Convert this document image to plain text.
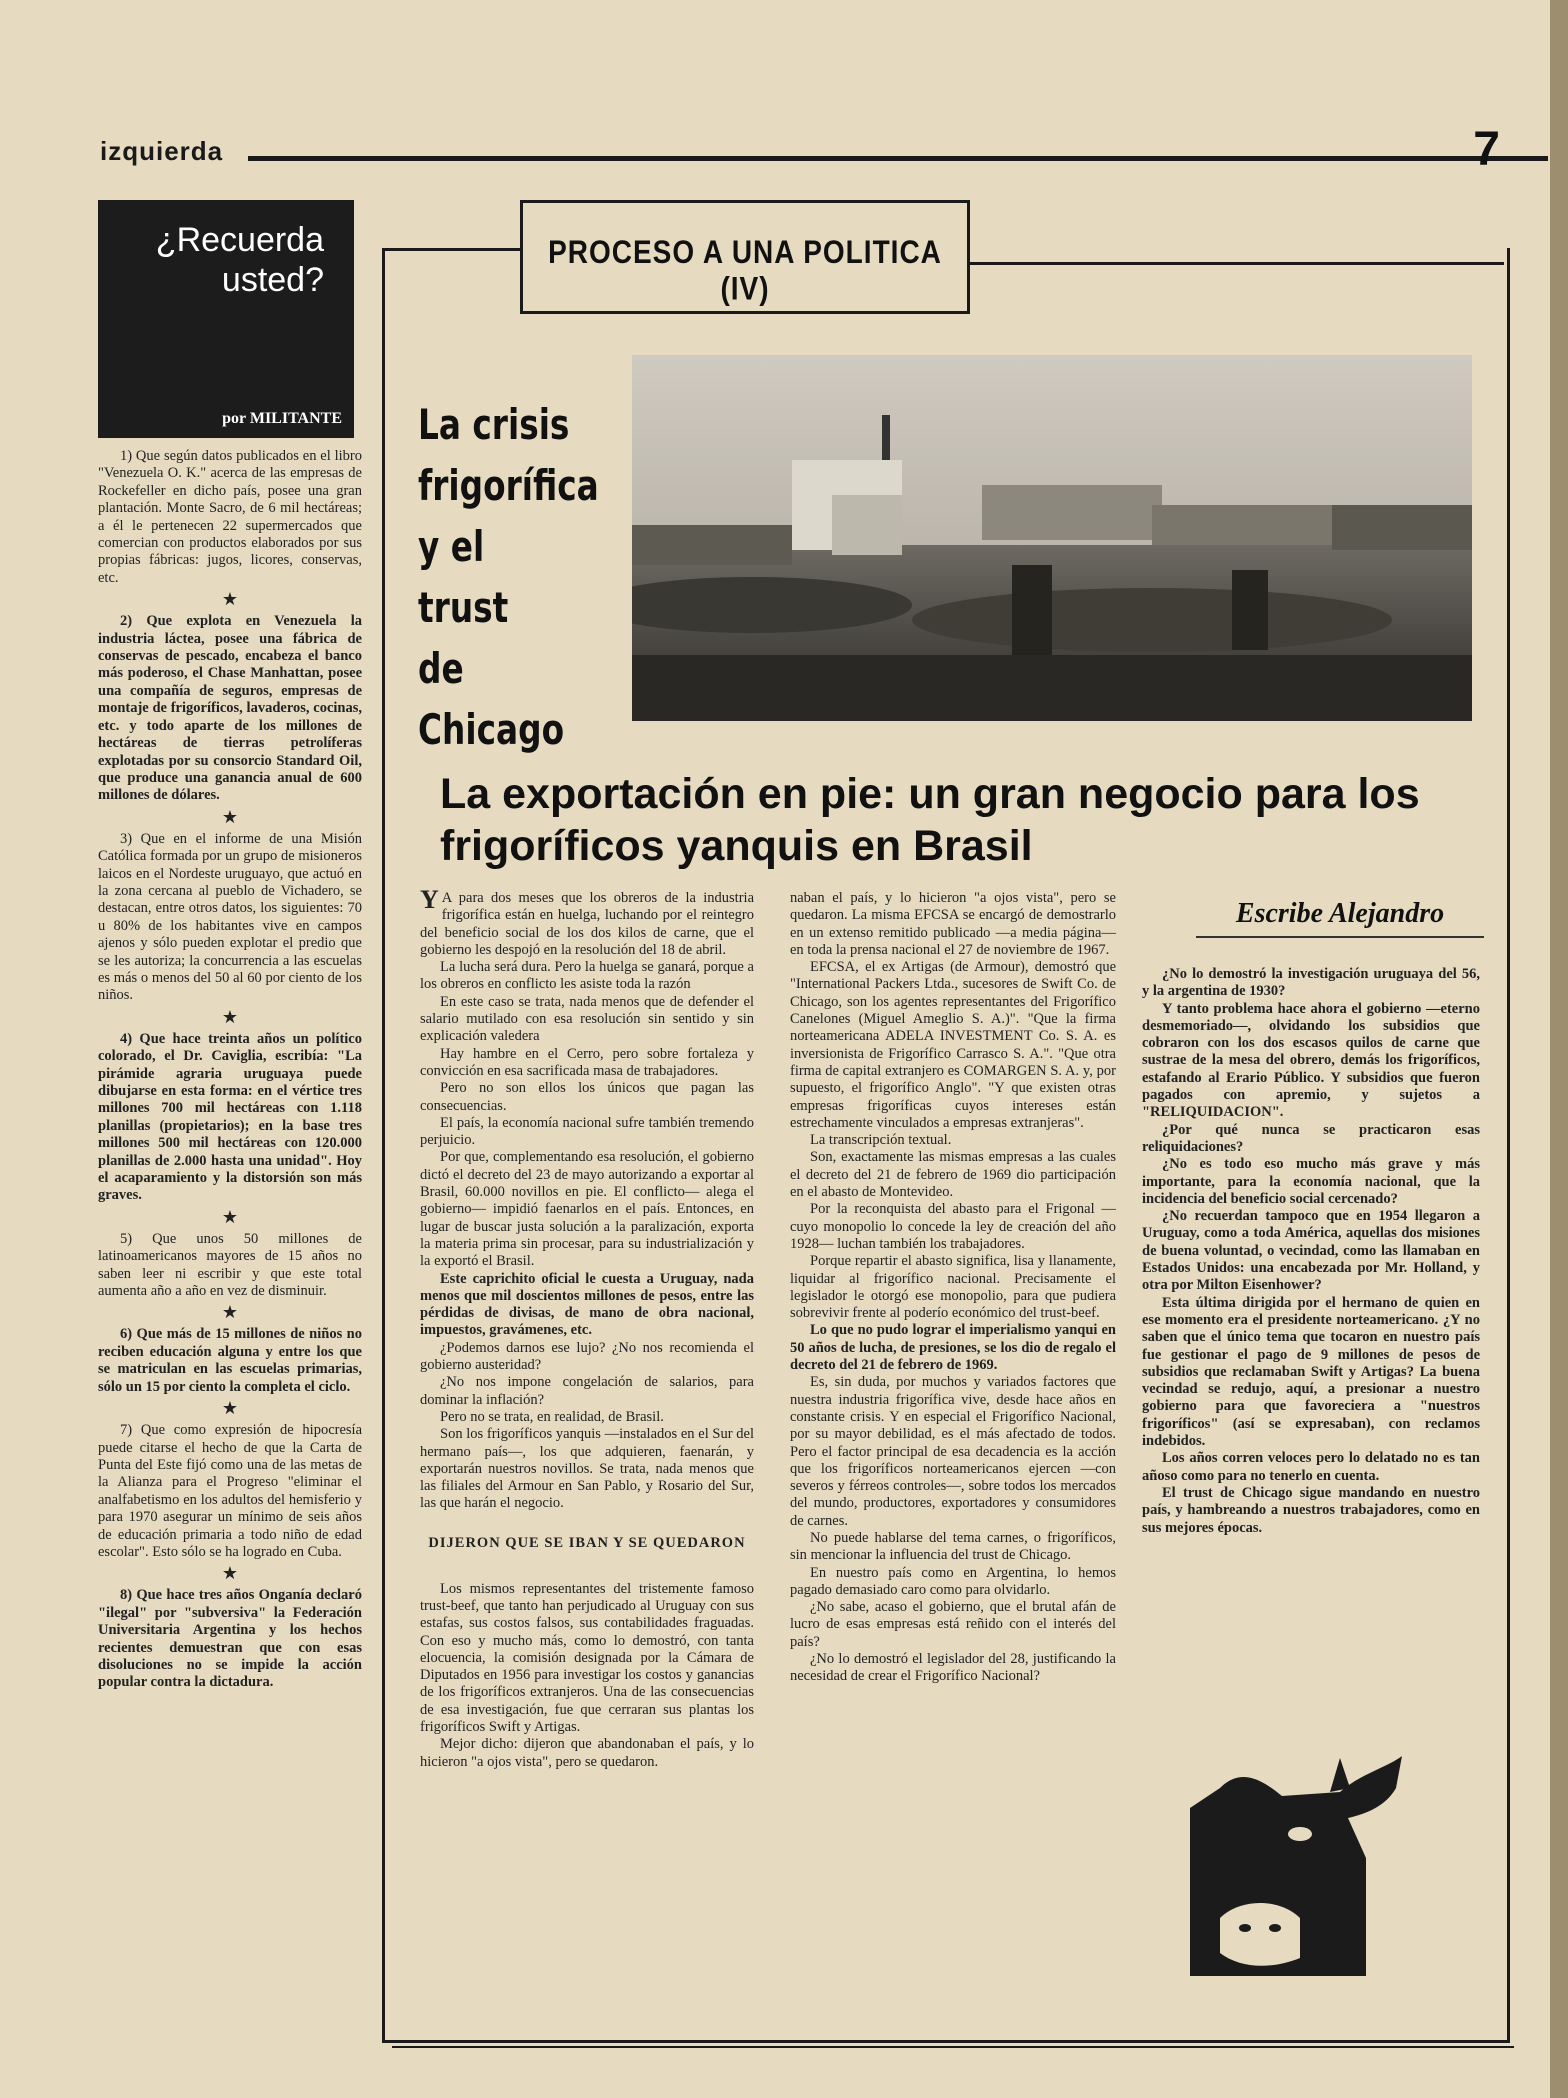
izquierda	7
¿Recuerda usted?
por MILITANTE

1) Que según datos publicados en el libro "Venezuela O. K." acerca de las empresas de Rockefeller en dicho país, posee una gran plantación. Monte Sacro, de 6 mil hectáreas; a él le pertenecen 22 supermercados que comercian con productos elaborados por sus propias fábricas: jugos, licores, conservas, etc.

★

2) Que explota en Venezuela la industria láctea, posee una fábrica de conservas de pescado, encabeza el banco más poderoso, el Chase Manhattan, posee una compañía de seguros, empresas de montaje de frigoríficos, lavaderos, cocinas, etc. y todo aparte de los millones de hectáreas de tierras petrolíferas explotadas por su consorcio Standard Oil, que produce una ganancia anual de 600 millones de dólares.

★

3) Que en el informe de una Misión Católica formada por un grupo de misioneros laicos en el Nordeste uruguayo, que actuó en la zona cercana al pueblo de Vichadero, se destacan, entre otros datos, los siguientes: 70 u 80% de los habitantes vive en campos ajenos y sólo pueden explotar el predio que se les autoriza; la concurrencia a las escuelas es más o menos del 50 al 60 por ciento de los niños.

★

4) Que hace treinta años un político colorado, el Dr. Caviglia, escribía: "La pirámide agraria uruguaya puede dibujarse en esta forma: en el vértice tres millones 700 mil hectáreas con 1.118 planillas (propietarios); en la base tres millones 500 mil hectáreas con 120.000 planillas de 2.000 hasta una unidad". Hoy el acaparamiento y la distorsión son más graves.

★

5) Que unos 50 millones de latinoamericanos mayores de 15 años no saben leer ni escribir y que este total aumenta año a año en vez de disminuir.

★

6) Que más de 15 millones de niños no reciben educación alguna y entre los que se matriculan en las escuelas primarias, sólo un 15 por ciento la completa el ciclo.

★

7) Que como expresión de hipocresía puede citarse el hecho de que la Carta de Punta del Este fijó como una de las metas de la Alianza para el Progreso "eliminar el analfabetismo en los adultos del hemisferio y para 1970 asegurar un mínimo de seis años de educación primaria a todo niño de edad escolar". Esto sólo se ha logrado en Cuba.

★

8) Que hace tres años Onganía declaró "ilegal" por "subversiva" la Federación Universitaria Argentina y los hechos recientes demuestran que con esas disoluciones no se impide la acción popular contra la dictadura.

PROCESO A UNA POLITICA (IV)
La crisis
frigorífica
y el trust
de Chicago
La exportación en pie: un gran negocio para los frigoríficos yanquis en Brasil
Escribe Alejandro

Y A para dos meses que los obreros de la industria frigorífica están en huelga, luchando por el reintegro del beneficio social de los dos kilos de carne, que el gobierno les despojó en la resolución del 18 de abril.

La lucha será dura. Pero la huelga se ganará, porque a los obreros en conflicto les asiste toda la razón

En este caso se trata, nada menos que de defender el salario mutilado con esa resolución sin sentido y sin explicación valedera

Hay hambre en el Cerro, pero sobre fortaleza y convicción en esa sacrificada masa de trabajadores.

Pero no son ellos los únicos que pagan las consecuencias.

El país, la economía nacional sufre también tremendo perjuicio.

Por que, complementando esa resolución, el gobierno dictó el decreto del 23 de mayo autorizando a exportar al Brasil, 60.000 novillos en pie. El conflicto— alega el gobierno— impidió faenarlos en el país. Entonces, en lugar de buscar justa solución a la paralización, exporta la materia prima sin procesar, para su industrialización y la exportó el Brasil.

Este caprichito oficial le cuesta a Uruguay, nada menos que mil doscientos millones de pesos, entre las pérdidas de divisas, de mano de obra nacional, impuestos, gravámenes, etc.

¿Podemos darnos ese lujo? ¿No nos recomienda el gobierno austeridad?

¿No nos impone congelación de salarios, para dominar la inflación?

Pero no se trata, en realidad, de Brasil.

Son los frigoríficos yanquis —instalados en el Sur del hermano país—, los que adquieren, faenarán, y exportarán nuestros novillos. Se trata, nada menos que las filiales del Armour en San Pablo, y Rosario del Sur, las que harán el negocio.

DIJERON QUE SE IBAN Y SE QUEDARON

Los mismos representantes del tristemente famoso trust-beef, que tanto han perjudicado al Uruguay con sus estafas, sus costos falsos, sus contabilidades fraguadas. Con eso y mucho más, como lo demostró, con tanta elocuencia, la comisión designada por la Cámara de Diputados en 1956 para investigar los costos y ganancias de los frigoríficos extranjeros. Una de las consecuencias de esa investigación, fue que cerraran sus plantas los frigoríficos Swift y Artigas.

Mejor dicho: dijeron que abandonaban el país, y lo hicieron "a ojos vista", pero se quedaron.

naban el país, y lo hicieron "a ojos vista", pero se quedaron. La misma EFCSA se encargó de demostrarlo en un extenso remitido publicado —a media página— en toda la prensa nacional el 27 de noviembre de 1967.

EFCSA, el ex Artigas (de Armour), demostró que "International Packers Ltda., sucesores de Swift Co. de Chicago, son los agentes representantes del Frigorífico Canelones (Miguel Ameglio S. A.)". "Que la firma norteamericana ADELA INVESTMENT Co. S. A. es inversionista de Frigorífico Carrasco S. A.". "Que otra firma de capital extranjero es COMARGEN S. A. y, por supuesto, el frigorífico Anglo". "Y que existen otras empresas frigoríficas cuyos intereses están estrechamente vinculados a empresas extranjeras".

La transcripción textual.

Son, exactamente las mismas empresas a las cuales el decreto del 21 de febrero de 1969 dio participación en el abasto de Montevideo.

Por la reconquista del abasto para el Frigonal —cuyo monopolio lo concede la ley de creación del año 1928— luchan también los trabajadores.

Porque repartir el abasto significa, lisa y llanamente, liquidar al frigorífico nacional. Precisamente el legislador le otorgó ese monopolio, para que pudiera sobrevivir frente al poderío económico del trust-beef.

Lo que no pudo lograr el imperialismo yanqui en 50 años de lucha, de presiones, se los dio de regalo el decreto del 21 de febrero de 1969.

Es, sin duda, por muchos y variados factores que nuestra industria frigorífica vive, desde hace años en constante crisis. Y en especial el Frigorífico Nacional, por su mayor debilidad, es el más afectado de todos. Pero el factor principal de esa decadencia es la acción que los frigoríficos norteamericanos ejercen —con severos y férreos controles—, sobre todos los mercados del mundo, productores, exportadores y consumidores de carnes.

No puede hablarse del tema carnes, o frigoríficos, sin mencionar la influencia del trust de Chicago.

En nuestro país como en Argentina, lo hemos pagado demasiado caro como para olvidarlo.

¿No sabe, acaso el gobierno, que el brutal afán de lucro de esas empresas está reñido con el interés del país?

¿No lo demostró el legislador del 28, justificando la necesidad de crear el Frigorífico Nacional?

¿No lo demostró la investigación uruguaya del 56, y la argentina de 1930?

Y tanto problema hace ahora el gobierno —eterno desmemoriado—, olvidando los subsidios que cobraron con los dos escasos quilos de carne que sustrae de la mesa del obrero, demás los frigoríficos, estafando al Erario Público. Y subsidios que fueron pagados con apremio, y sujetos a "RELIQUIDACION".

¿Por qué nunca se practicaron esas reliquidaciones?

¿No es todo eso mucho más grave y más importante, para la economía nacional, que la incidencia del beneficio social cercenado?

¿No recuerdan tampoco que en 1954 llegaron a Uruguay, como a toda América, aquellas dos misiones de buena voluntad, o vecindad, como las llamaban en Estados Unidos: una encabezada por Mr. Holland, y otra por Milton Eisenhower?

Esta última dirigida por el hermano de quien en ese momento era el presidente norteamericano. ¿Y no saben que el único tema que tocaron en nuestro país fue gestionar el pago de 9 millones de pesos de subsidios que reclamaban Swift y Artigas? La buena vecindad se redujo, aquí, a presionar a nuestro gobierno para que favoreciera a "nuestros frigoríficos" (así se expresaban), con reclamos indebidos.

Los años corren veloces pero lo delatado no es tan añoso como para no tenerlo en cuenta.

El trust de Chicago sigue mandando en nuestro país, y hambreando a nuestros trabajadores, como en sus mejores épocas.
